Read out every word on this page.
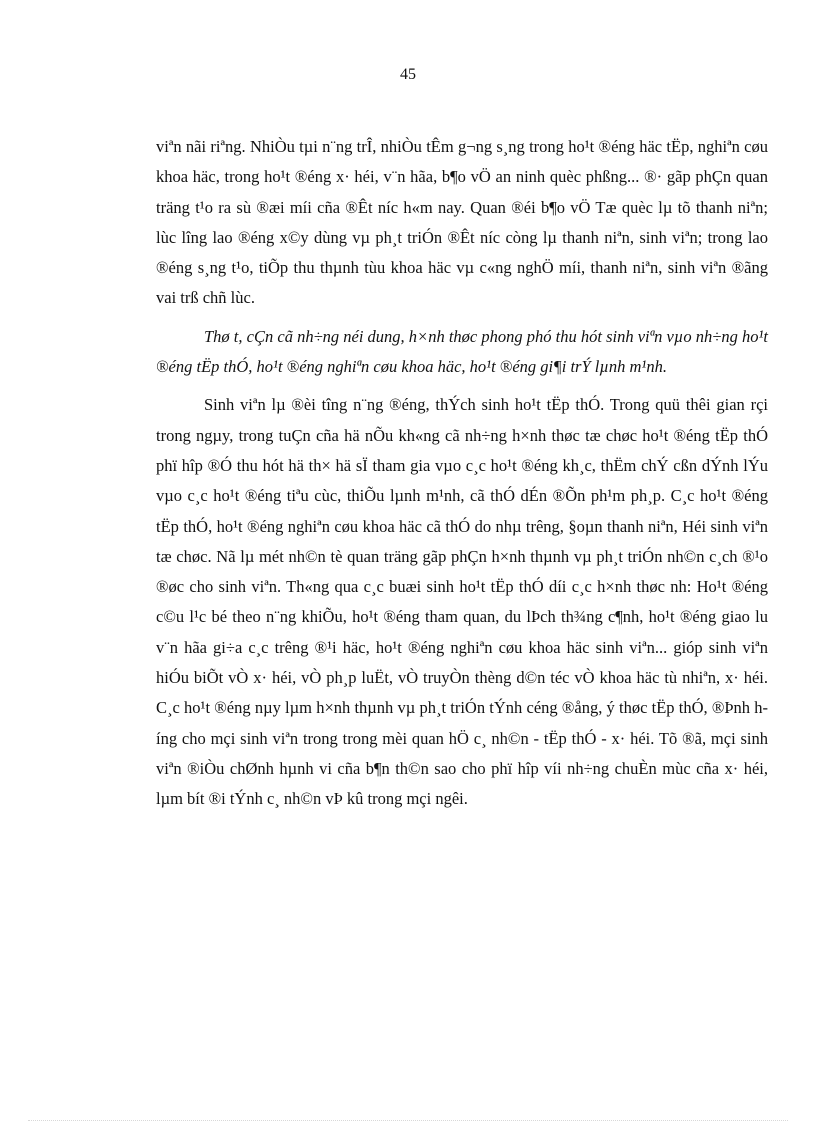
45

viªn nãi riªng. NhiÒu tµi n¨ng trÎ, nhiÒu tÊm g¬ng s¸ng trong ho¹t ®éng häc tËp, nghiªn cøu khoa häc, trong ho¹t ®éng x· héi, v¨n hãa, b¶o vÖ an ninh quèc phßng... ®· gãp phÇn quan träng t¹o ra sù ®æi míi cña ®Êt níc h«m nay. Quan ®éi b¶o vÖ Tæ quèc lµ tõ thanh niªn; lùc lîng lao ®éng x©y dùng vµ ph¸t triÓn ®Êt níc còng lµ thanh niªn, sinh viªn; trong lao ®éng s¸ng t¹o, tiÕp thu thµnh tùu khoa häc vµ c«ng nghÖ míi, thanh niªn, sinh viªn ®ãng vai trß chñ lùc.

Thø t, cÇn cã nh÷ng néi dung, h×nh thøc phong phó thu hót sinh viªn vµo nh÷ng ho¹t ®éng tËp thÓ, ho¹t ®éng nghiªn cøu khoa häc, ho¹t ®éng gi¶i trÝ lµnh m¹nh.

Sinh viªn lµ ®èi tîng n¨ng ®éng, thÝch sinh ho¹t tËp thÓ. Trong quü thêi gian rçi trong ngµy, trong tuÇn cña hä nÕu kh«ng cã nh÷ng h×nh thøc tæ chøc ho¹t ®éng tËp thÓ phï hîp ®Ó thu hót hä th× hä sÏ tham gia vµo c¸c ho¹t ®éng kh¸c, thËm chÝ cßn dÝnh lÝu vµo c¸c ho¹t ®éng tiªu cùc, thiÕu lµnh m¹nh, cã thÓ dÉn ®Õn ph¹m ph¸p. C¸c ho¹t ®éng tËp thÓ, ho¹t ®éng nghiªn cøu khoa häc cã thÓ do nhµ trêng, §oµn thanh niªn, Héi sinh viªn tæ chøc. Nã lµ mét nh©n tè quan träng gãp phÇn h×nh thµnh vµ ph¸t triÓn nh©n c¸ch ®¹o ®øc cho sinh viªn. Th«ng qua c¸c buæi sinh ho¹t tËp thÓ díi c¸c h×nh thøc nh: Ho¹t ®éng c©u l¹c bé theo n¨ng khiÕu, ho¹t ®éng tham quan, du lÞch th¾ng c¶nh, ho¹t ®éng giao lu v¨n hãa gi÷a c¸c trêng ®¹i häc, ho¹t ®éng nghiªn cøu khoa häc sinh viªn... gióp sinh viªn hiÓu biÕt vÒ x· héi, vÒ ph¸p luËt, vÒ truyÒn thèng d©n téc vÒ khoa häc tù nhiªn, x· héi. C¸c ho¹t ®éng nµy lµm h×nh thµnh vµ ph¸t triÓn tÝnh céng ®ång, ý thøc tËp thÓ, ®Þnh híng cho mçi sinh viªn trong trong mèi quan hÖ c¸ nh©n - tËp thÓ - x· héi. Tõ ®ã, mçi sinh viªn ®iÒu chØnh hµnh vi cña b¶n th©n sao cho phï hîp víi nh÷ng chuÈn mùc cña x· héi, lµm bít ®i tÝnh c¸ nh©n vÞ kû trong mçi ngêi.
